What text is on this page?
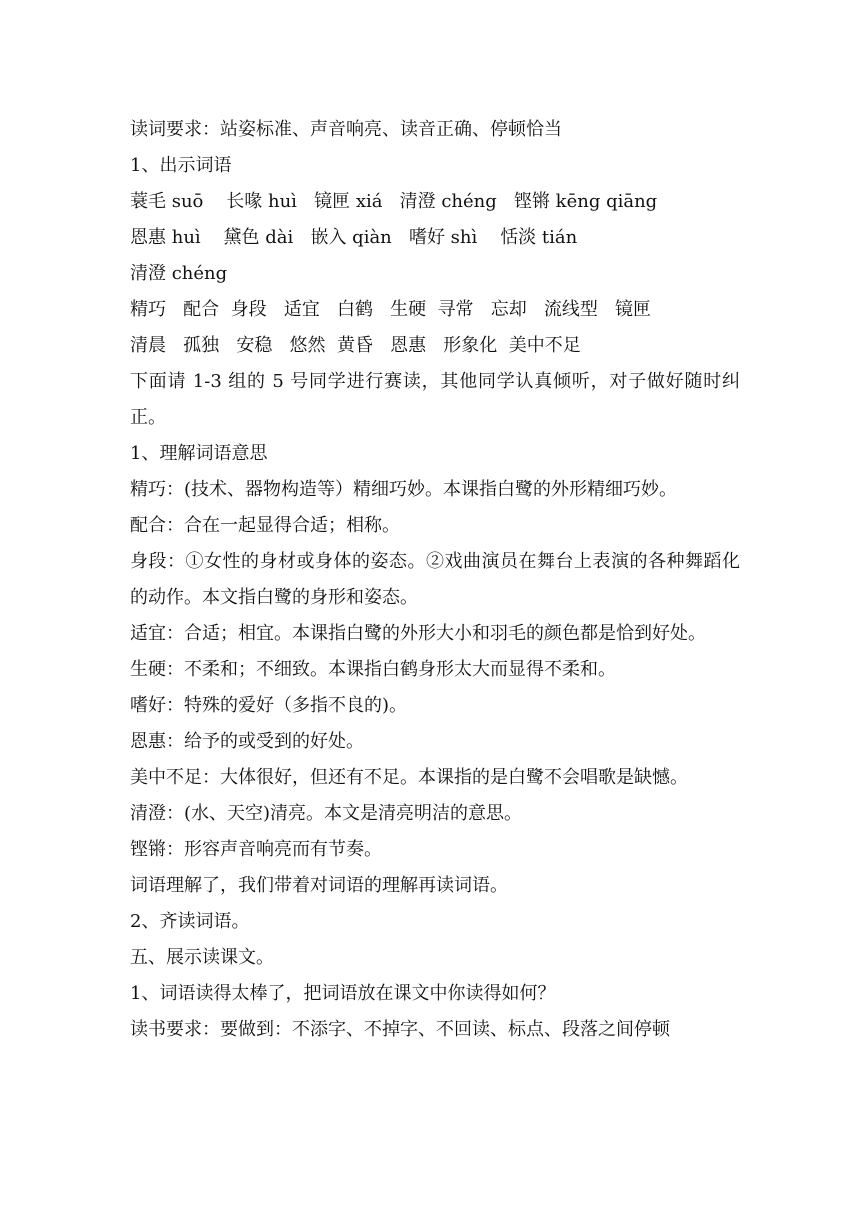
读词要求：站姿标准、声音响亮、读音正确、停顿恰当
1、出示词语
蓑毛 suō    长喙 huì   镜匣 xiá   清澄 chéng   铿锵 kēng qiāng
恩惠 huì    黛色 dài   嵌入 qiàn   嗜好 shì    恬淡 tián
清澄 chéng
精巧   配合  身段   适宜   白鹤   生硬  寻常   忘却   流线型   镜匣
清晨   孤独   安稳   悠然  黄昏   恩惠   形象化  美中不足
下面请 1-3 组的 5 号同学进行赛读，其他同学认真倾听，对子做好随时纠正。
1、理解词语意思
精巧：(技术、器物构造等）精细巧妙。本课指白鹭的外形精细巧妙。
配合：合在一起显得合适；相称。
身段：①女性的身材或身体的姿态。②戏曲演员在舞台上表演的各种舞蹈化的动作。本文指白鹭的身形和姿态。
适宜：合适；相宜。本课指白鹭的外形大小和羽毛的颜色都是恰到好处。
生硬：不柔和；不细致。本课指白鹤身形太大而显得不柔和。
嗜好：特殊的爱好（多指不良的)。
恩惠：给予的或受到的好处。
美中不足：大体很好，但还有不足。本课指的是白鹭不会唱歌是缺憾。
清澄：(水、天空)清亮。本文是清亮明洁的意思。
铿锵：形容声音响亮而有节奏。
词语理解了，我们带着对词语的理解再读词语。
2、齐读词语。
五、展示读课文。
1、词语读得太棒了，把词语放在课文中你读得如何？
读书要求：要做到：不添字、不掉字、不回读、标点、段落之间停顿
